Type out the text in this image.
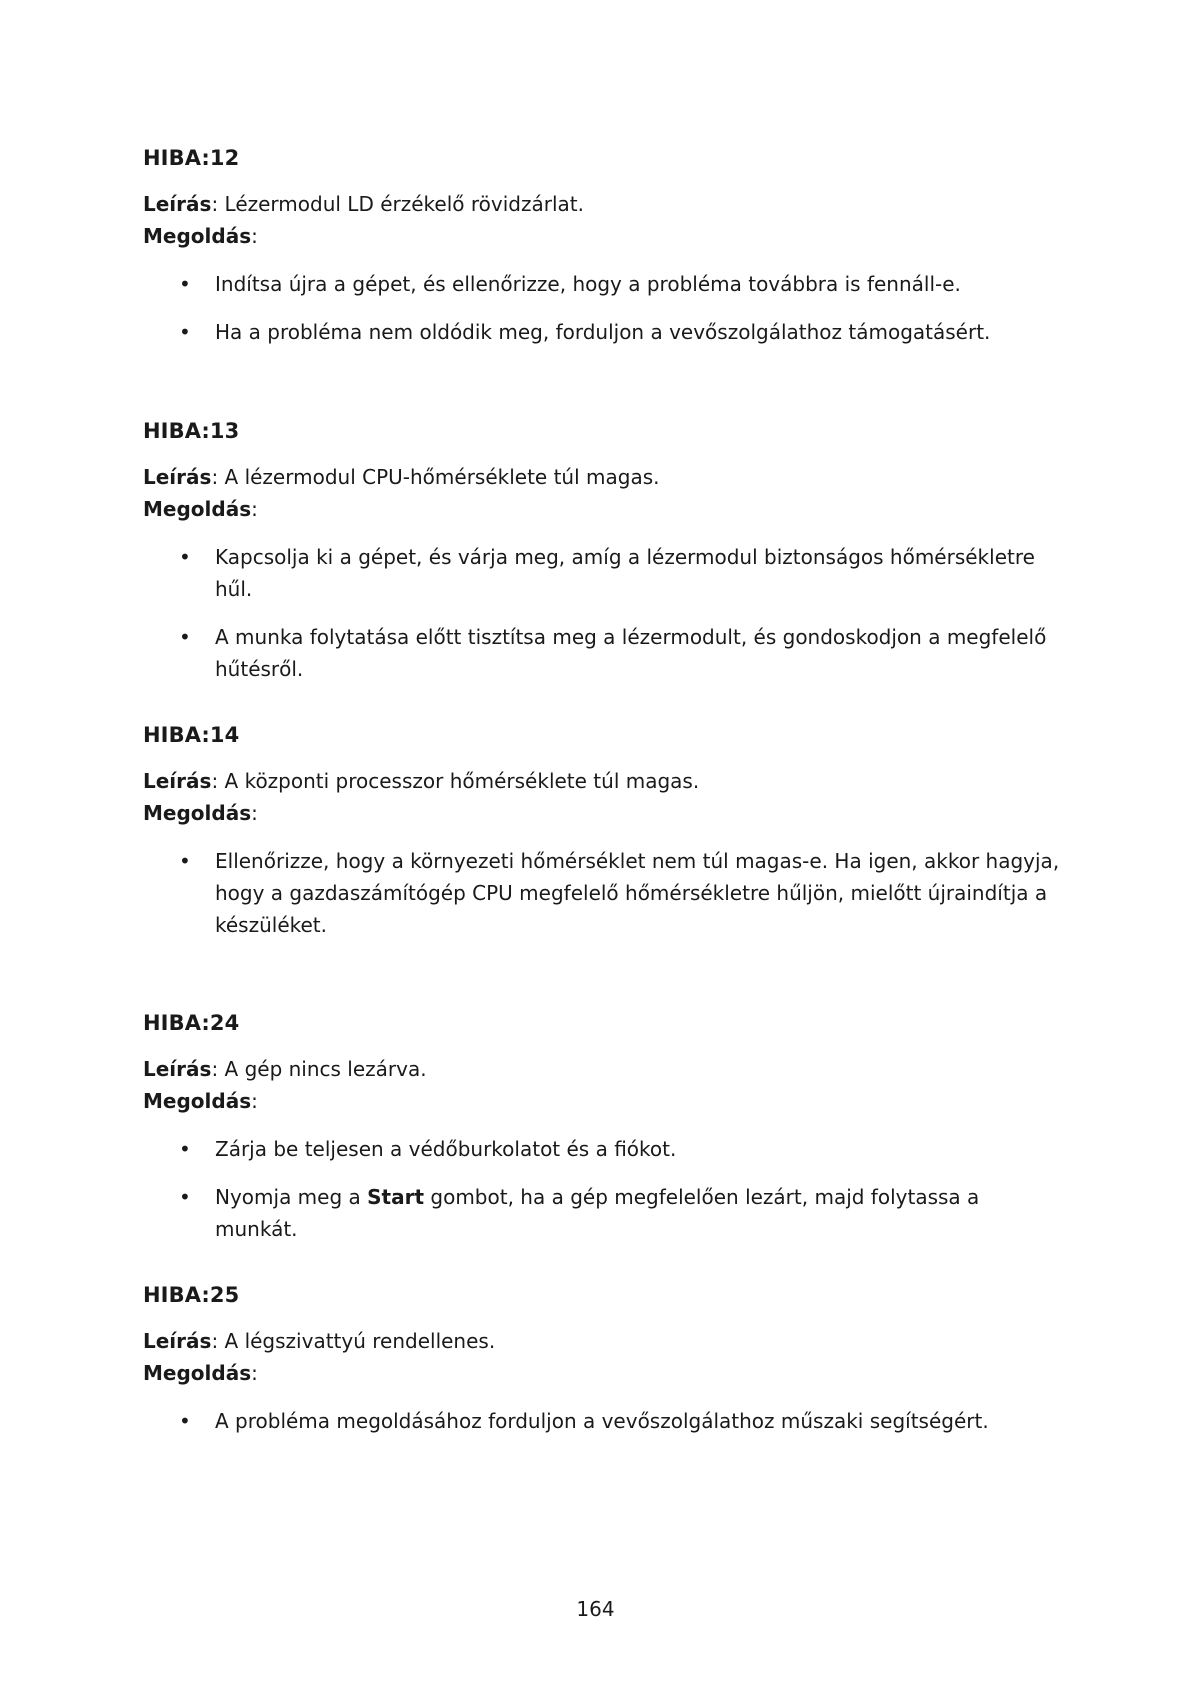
HIBA:12
Leírás: Lézermodul LD érzékelő rövidzárlat.
Megoldás:
• Indítsa újra a gépet, és ellenőrizze, hogy a probléma továbbra is fennáll-e.
• Ha a probléma nem oldódik meg, forduljon a vevőszolgálathoz támogatásért.
HIBA:13
Leírás: A lézermodul CPU-hőmérséklete túl magas.
Megoldás:
• Kapcsolja ki a gépet, és várja meg, amíg a lézermodul biztonságos hőmérsékletre hűl.
• A munka folytatása előtt tisztítsa meg a lézermodult, és gondoskodjon a megfelelő hűtésről.
HIBA:14
Leírás: A központi processzor hőmérséklete túl magas.
Megoldás:
• Ellenőrizze, hogy a környezeti hőmérséklet nem túl magas-e. Ha igen, akkor hagyja, hogy a gazdaszámítógép CPU megfelelő hőmérsékletre hűljön, mielőtt újraindítja a készüléket.
HIBA:24
Leírás: A gép nincs lezárva.
Megoldás:
• Zárja be teljesen a védőburkolatot és a fiókot.
• Nyomja meg a Start gombot, ha a gép megfelelően lezárt, majd folytassa a munkát.
HIBA:25
Leírás: A légszivattyú rendellenes.
Megoldás:
• A probléma megoldásához forduljon a vevőszolgálathoz műszaki segítségért.
164
